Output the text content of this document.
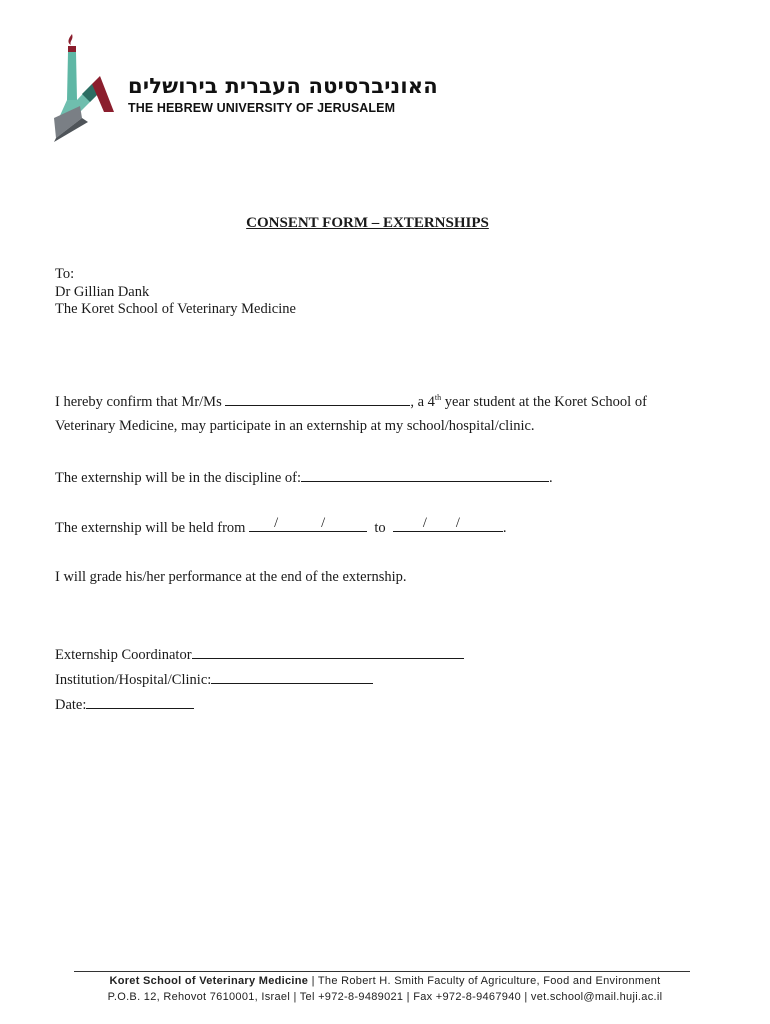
האוניברסיטה העברית בירושלים
THE HEBREW UNIVERSITY OF JERUSALEM
CONSENT FORM – EXTERNSHIPS
To:
Dr Gillian Dank
The Koret School of Veterinary Medicine
I hereby confirm that Mr/Ms	, a 4th year student at the Koret School of
Veterinary Medicine, may participate in an externship at my school/hospital/clinic.
The externship will be in the discipline of:	.
The externship will be held from /	/	to	/ /	.
I will grade his/her performance at the end of the externship.
Externship Coordinator
Institution/Hospital/Clinic:
Date:
Koret School of Veterinary Medicine | The Robert H. Smith Faculty of Agriculture, Food and Environment
P.O.B. 12, Rehovot 7610001, Israel | Tel +972-8-9489021 | Fax +972-8-9467940 | vet.school@mail.huji.ac.il
